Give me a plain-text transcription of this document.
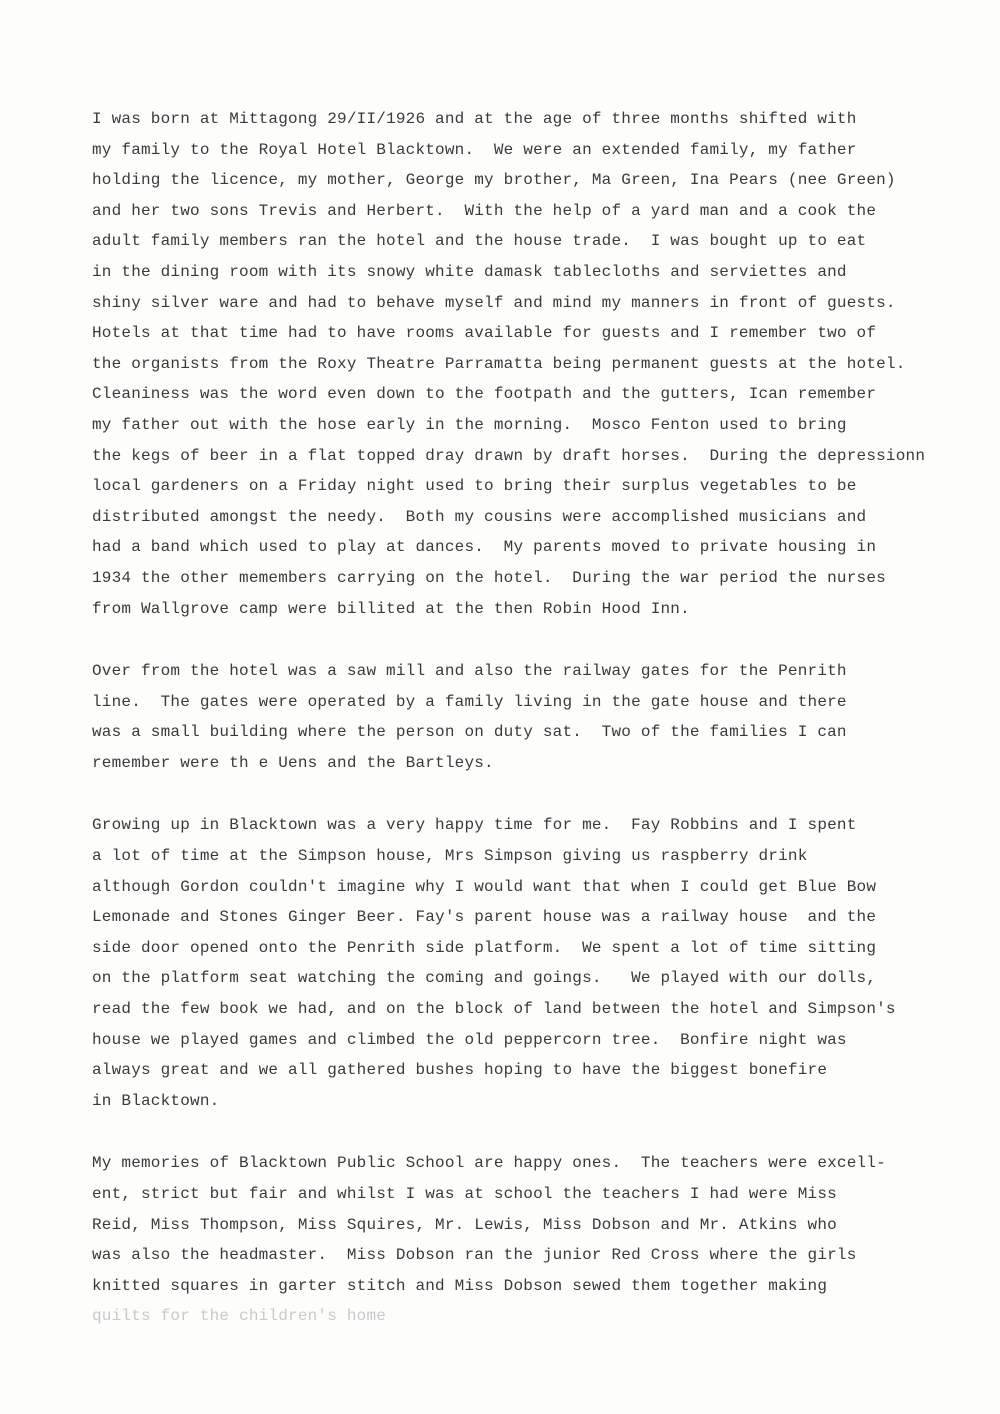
I was born at Mittagong 29/II/1926 and at the age of three months shifted with
my family to the Royal Hotel Blacktown.  We were an extended family, my father
holding the licence, my mother, George my brother, Ma Green, Ina Pears (nee Green)
and her two sons Trevis and Herbert.  With the help of a yard man and a cook the
adult family members ran the hotel and the house trade.  I was bought up to eat
in the dining room with its snowy white damask tablecloths and serviettes and
shiny silver ware and had to behave myself and mind my manners in front of guests.
Hotels at that time had to have rooms available for guests and I remember two of
the organists from the Roxy Theatre Parramatta being permanent guests at the hotel.
Cleaniness was the word even down to the footpath and the gutters, Ican remember
my father out with the hose early in the morning.  Mosco Fenton used to bring
the kegs of beer in a flat topped dray drawn by draft horses.  During the depressionn
local gardeners on a Friday night used to bring their surplus vegetables to be
distributed amongst the needy.  Both my cousins were accomplished musicians and
had a band which used to play at dances.  My parents moved to private housing in
1934 the other memembers carrying on the hotel.  During the war period the nurses
from Wallgrove camp were billited at the then Robin Hood Inn.
Over from the hotel was a saw mill and also the railway gates for the Penrith
line.  The gates were operated by a family living in the gate house and there
was a small building where the person on duty sat.  Two of the families I can
remember were th e Uens and the Bartleys.
Growing up in Blacktown was a very happy time for me.  Fay Robbins and I spent
a lot of time at the Simpson house, Mrs Simpson giving us raspberry drink
although Gordon couldn't imagine why I would want that when I could get Blue Bow
Lemonade and Stones Ginger Beer. Fay's parent house was a railway house  and the
side door opened onto the Penrith side platform.  We spent a lot of time sitting
on the platform seat watching the coming and goings.   We played with our dolls,
read the few book we had, and on the block of land between the hotel and Simpson's
house we played games and climbed the old peppercorn tree.  Bonfire night was
always great and we all gathered bushes hoping to have the biggest bonefire
in Blacktown.
My memories of Blacktown Public School are happy ones.  The teachers were excell-
ent, strict but fair and whilst I was at school the teachers I had were Miss
Reid, Miss Thompson, Miss Squires, Mr. Lewis, Miss Dobson and Mr. Atkins who
was also the headmaster.  Miss Dobson ran the junior Red Cross where the girls
knitted squares in garter stitch and Miss Dobson sewed them together making
quilts for the children's home
